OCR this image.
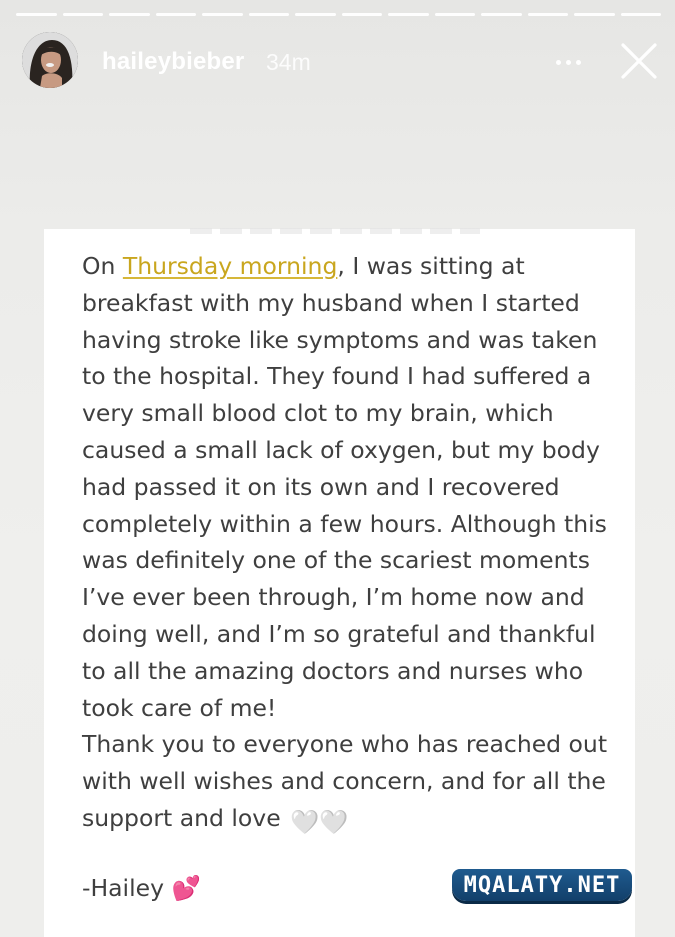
haileybieber 34m

On Thursday morning, I was sitting at breakfast with my husband when I started having stroke like symptoms and was taken to the hospital. They found I had suffered a very small blood clot to my brain, which caused a small lack of oxygen, but my body had passed it on its own and I recovered completely within a few hours. Although this was definitely one of the scariest moments I’ve ever been through, I’m home now and doing well, and I’m so grateful and thankful to all the amazing doctors and nurses who took care of me!

Thank you to everyone who has reached out with well wishes and concern, and for all the support and love 🤍🤍

-Hailey 💕	MQALATY.NET
